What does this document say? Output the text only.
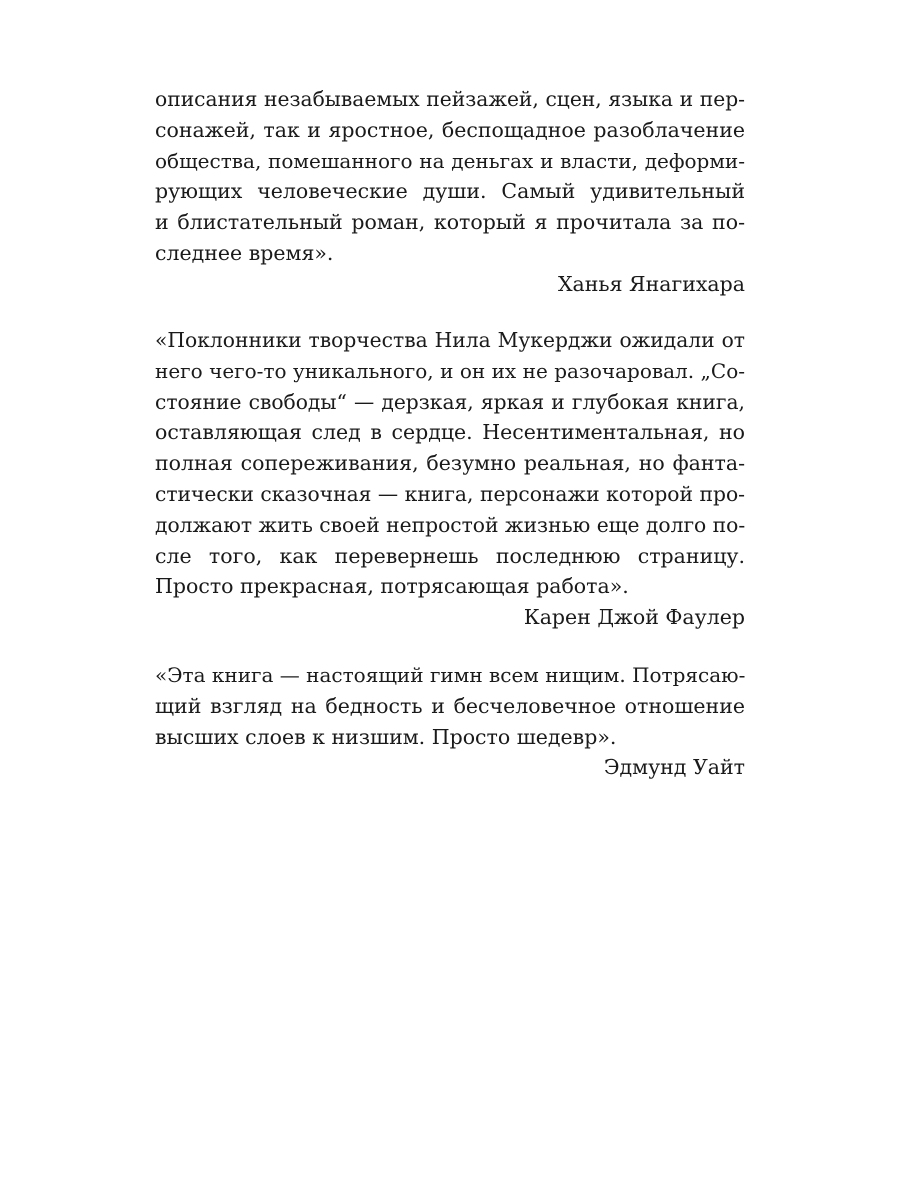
описания незабываемых пейзажей, сцен, языка и пер-
сонажей, так и яростное, беспощадное разоблачение
общества, помешанного на деньгах и власти, деформи-
рующих человеческие души. Самый удивительный
и блистательный роман, который я прочитала за по-
следнее время».
Ханья Янагихара
«Поклонники творчества Нила Мукерджи ожидали от
него чего-то уникального, и он их не разочаровал. „Со-
стояние свободы“ — дерзкая, яркая и глубокая книга,
оставляющая след в сердце. Несентиментальная, но
полная сопереживания, безумно реальная, но фанта-
стически сказочная — книга, персонажи которой про-
должают жить своей непростой жизнью еще долго по-
сле того, как перевернешь последнюю страницу.
Просто прекрасная, потрясающая работа».
Карен Джой Фаулер
«Эта книга — настоящий гимн всем нищим. Потрясаю-
щий взгляд на бедность и бесчеловечное отношение
высших слоев к низшим. Просто шедевр».
Эдмунд Уайт
